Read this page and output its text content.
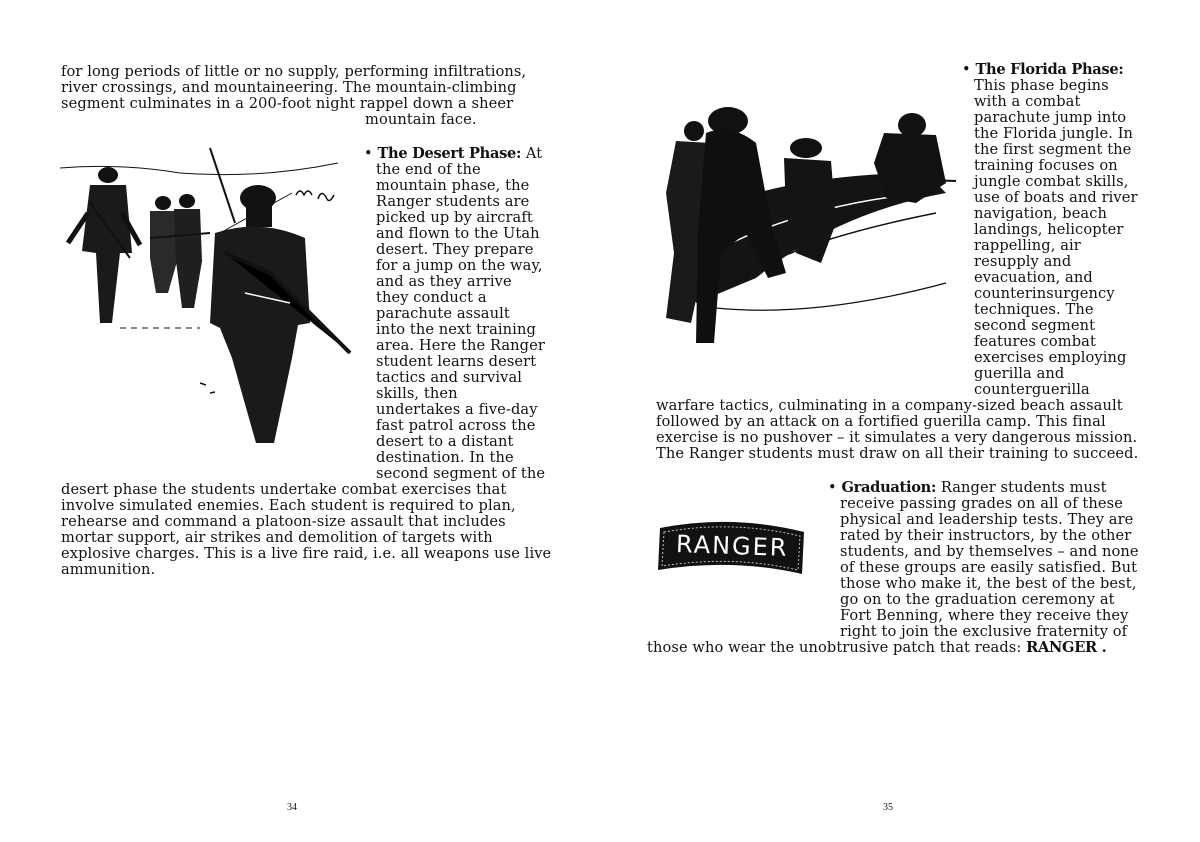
for long periods of little or no supply, performing infiltrations,
river crossings, and mountaineering. The mountain-climbing
segment culminates in a 200-foot night rappel down a sheer
mountain face.
• The Desert Phase: At
the end of the
mountain phase, the
Ranger students are
picked up by aircraft
and flown to the Utah
desert. They prepare
for a jump on the way,
and as they arrive
they conduct a
parachute assault
into the next training
area. Here the Ranger
student learns desert
tactics and survival
skills, then
undertakes a five-day
fast patrol across the
desert to a distant
destination. In the
second segment of the
desert phase the students undertake combat exercises that
involve simulated enemies. Each student is required to plan,
rehearse and command a platoon-size assault that includes
mortar support, air strikes and demolition of targets with
explosive charges. This is a live fire raid, i.e. all weapons use live
ammunition.
34
• The Florida Phase:
This phase begins
with a combat
parachute jump into
the Florida jungle. In
the first segment the
training focuses on
jungle combat skills,
use of boats and river
navigation, beach
landings, helicopter
rappelling, air
resupply and
evacuation, and
counterinsurgency
techniques. The
second segment
features combat
exercises employing
guerilla and
counterguerilla
warfare tactics, culminating in a company-sized beach assault
followed by an attack on a fortified guerilla camp. This final
exercise is no pushover – it simulates a very dangerous mission.
The Ranger students must draw on all their training to succeed.
RANGER
• Graduation: Ranger students must
receive passing grades on all of these
physical and leadership tests. They are
rated by their instructors, by the other
students, and by themselves – and none
of these groups are easily satisfied. But
those who make it, the best of the best,
go on to the graduation ceremony at
Fort Benning, where they receive they
right to join the exclusive fraternity of
those who wear the unobtrusive patch that reads: RANGER .
35
